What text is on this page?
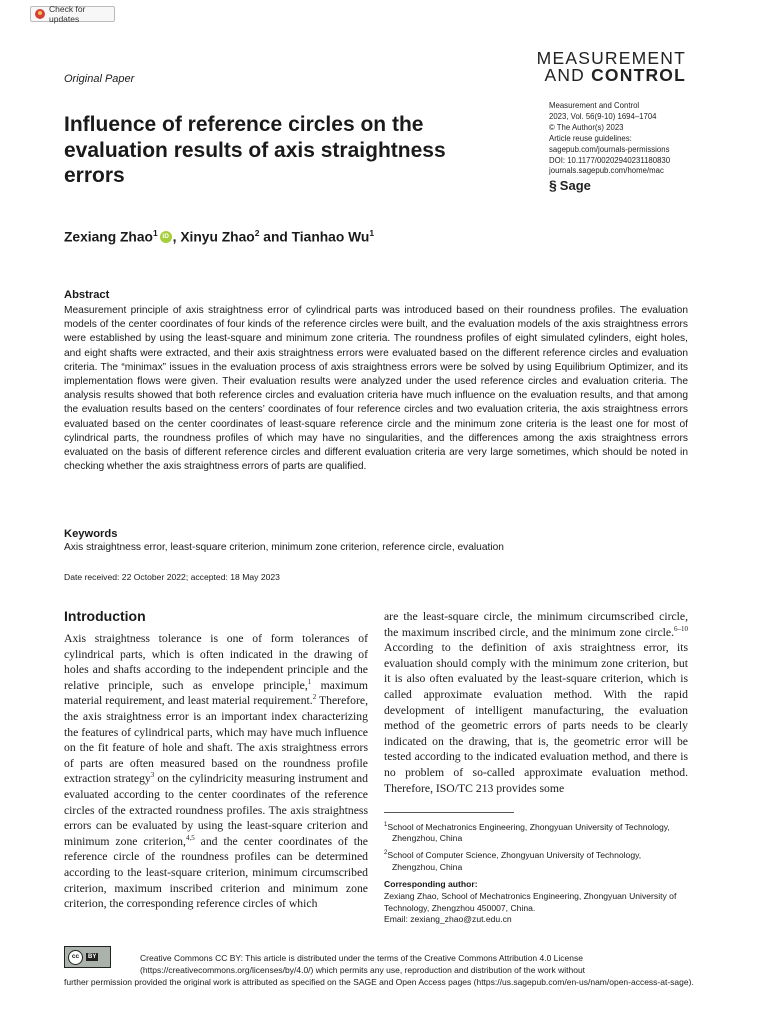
Check for updates
MEASUREMENT
AND CONTROL
Original Paper
Measurement and Control
2023, Vol. 56(9-10) 1694–1704
© The Author(s) 2023
Article reuse guidelines:
sagepub.com/journals-permissions
DOI: 10.1177/00202940231180830
journals.sagepub.com/home/mac
§ Sage
Influence of reference circles on the evaluation results of axis straightness errors
Zexiang Zhao$^1$ iD , Xinyu Zhao$^2$ and Tianhao Wu$^1$
Abstract
Measurement principle of axis straightness error of cylindrical parts was introduced based on their roundness profiles. The evaluation models of the center coordinates of four kinds of the reference circles were built, and the evaluation models of the axis straightness errors were established by using the least-square and minimum zone criteria. The roundness profiles of eight simulated cylinders, eight holes, and eight shafts were extracted, and their axis straightness errors were evaluated based on the different reference circles and evaluation criteria. The “minimax” issues in the evaluation process of axis straightness errors were be solved by using Equilibrium Optimizer, and its implementation flows were given. Their evaluation results were analyzed under the used reference circles and evaluation criteria. The analysis results showed that both reference circles and evaluation criteria have much influence on the evaluation results, and that among the evaluation results based on the centers’ coordinates of four reference circles and two evaluation criteria, the axis straightness errors evaluated based on the center coordinates of least-square reference circle and the minimum zone criteria is the least one for most of cylindrical parts, the roundness profiles of which may have no singularities, and the differences among the axis straightness errors evaluated on the basis of different reference circles and different evaluation criteria are very large sometimes, which should be noted in checking whether the axis straightness errors of parts are qualified.
Keywords
Axis straightness error, least-square criterion, minimum zone criterion, reference circle, evaluation
Date received: 22 October 2022; accepted: 18 May 2023
Introduction
Axis straightness tolerance is one of form tolerances of cylindrical parts, which is often indicated in the drawing of holes and shafts according to the independent principle and the relative principle, such as envelope principle,$^1$ maximum material requirement, and least material requirement.$^2$ Therefore, the axis straightness error is an important index characterizing the features of cylindrical parts, which may have much influence on the fit feature of hole and shaft. The axis straightness errors of parts are often measured based on the roundness profile extraction strategy$^3$ on the cylindricity measuring instrument and evaluated according to the center coordinates of the reference circles of the extracted roundness profiles. The axis straightness errors can be evaluated by using the least-square criterion and minimum zone criterion,$^{4,5}$ and the center coordinates of the reference circle of the roundness profiles can be determined according to the least-square criterion, minimum circumscribed criterion, maximum inscribed criterion and minimum zone criterion, the corresponding reference circles of which
are the least-square circle, the minimum circumscribed circle, the maximum inscribed circle, and the minimum zone circle.$^{6-10}$ According to the definition of axis straightness error, its evaluation should comply with the minimum zone criterion, but it is also often evaluated by the least-square criterion, which is called approximate evaluation method. With the rapid development of intelligent manufacturing, the evaluation method of the geometric errors of parts needs to be clearly indicated on the drawing, that is, the geometric error will be tested according to the indicated evaluation method, and there is no problem of so-called approximate evaluation method. Therefore, ISO/TC 213 provides some
$^1$School of Mechatronics Engineering, Zhongyuan University of Technology, Zhengzhou, China
$^2$School of Computer Science, Zhongyuan University of Technology, Zhengzhou, China
Corresponding author:
Zexiang Zhao, School of Mechatronics Engineering, Zhongyuan University of Technology, Zhengzhou 450007, China.
Email: zexiang_zhao@zut.edu.cn
cc	BY	Creative Commons CC BY: This article is distributed under the terms of the Creative Commons Attribution 4.0 License (https://creativecommons.org/licenses/by/4.0/) which permits any use, reproduction and distribution of the work without
further permission provided the original work is attributed as specified on the SAGE and Open Access pages (https://us.sagepub.com/en-us/nam/open-access-at-sage).
